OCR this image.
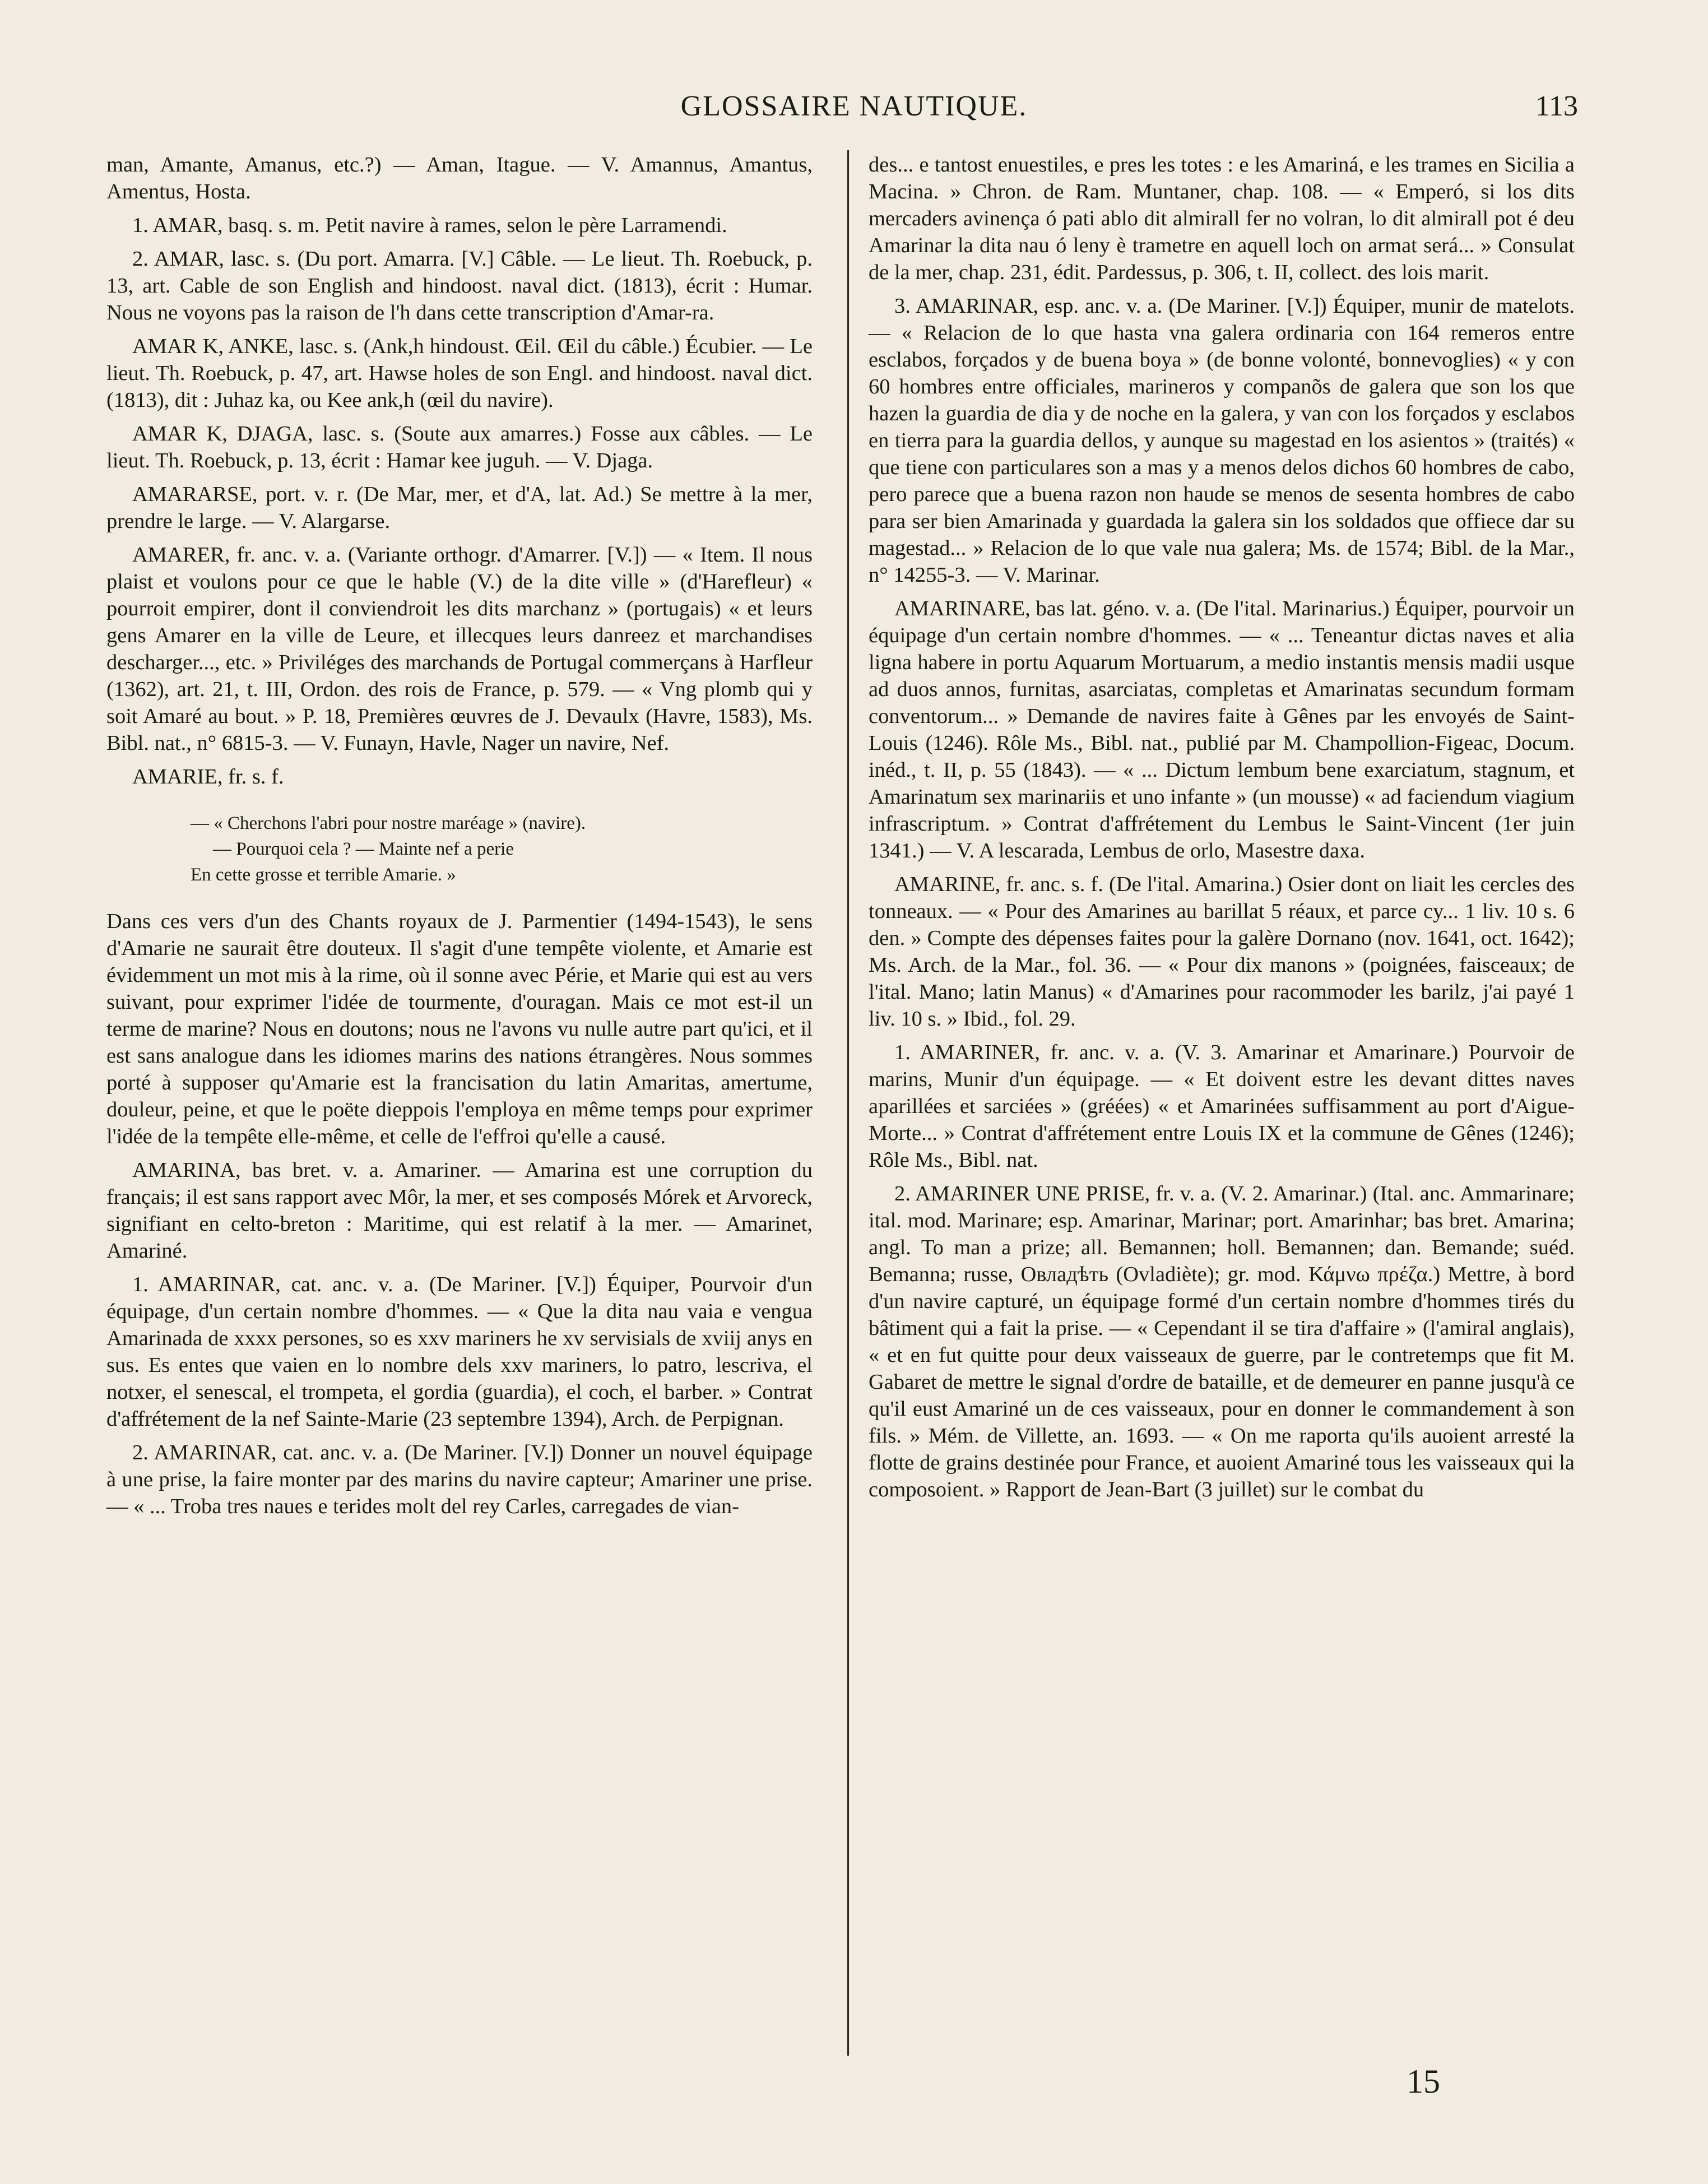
GLOSSAIRE NAUTIQUE.	113

man, Amante, Amanus, etc.?) — Aman, Itague. — V. Amannus, Amantus, Amentus, Hosta.

1. AMAR, basq. s. m. Petit navire à rames, selon le père Larramendi.

2. AMAR, lasc. s. (Du port. Amarra. [V.] Câble. — Le lieut. Th. Roebuck, p. 13, art. Cable de son English and hindoost. naval dict. (1813), écrit : Humar. Nous ne voyons pas la raison de l'h dans cette transcription d'Amar-ra.

AMAR K, ANKE, lasc. s. (Ank,h hindoust. Œil. Œil du câble.) Écubier. — Le lieut. Th. Roebuck, p. 47, art. Hawse holes de son Engl. and hindoost. naval dict. (1813), dit : Juhaz ka, ou Kee ank,h (œil du navire).

AMAR K, DJAGA, lasc. s. (Soute aux amarres.) Fosse aux câbles. — Le lieut. Th. Roebuck, p. 13, écrit : Hamar kee juguh. — V. Djaga.

AMARARSE, port. v. r. (De Mar, mer, et d'A, lat. Ad.) Se mettre à la mer, prendre le large. — V. Alargarse.

AMARER, fr. anc. v. a. (Variante orthogr. d'Amarrer. [V.]) — « Item. Il nous plaist et voulons pour ce que le hable (V.) de la dite ville » (d'Harefleur) « pourroit empirer, dont il conviendroit les dits marchanz » (portugais) « et leurs gens Amarer en la ville de Leure, et illecques leurs danreez et marchandises descharger..., etc. » Priviléges des marchands de Portugal commerçans à Harfleur (1362), art. 21, t. III, Ordon. des rois de France, p. 579. — « Vng plomb qui y soit Amaré au bout. » P. 18, Premières œuvres de J. Devaulx (Havre, 1583), Ms. Bibl. nat., n° 6815-3. — V. Funayn, Havle, Nager un navire, Nef.

AMARIE, fr. s. f.

— « Cherchons l'abri pour nostre maréage » (navire).
— Pourquoi cela ? — Mainte nef a perie
En cette grosse et terrible Amarie. »

Dans ces vers d'un des Chants royaux de J. Parmentier (1494-1543), le sens d'Amarie ne saurait être douteux. Il s'agit d'une tempête violente, et Amarie est évidemment un mot mis à la rime, où il sonne avec Périe, et Marie qui est au vers suivant, pour exprimer l'idée de tourmente, d'ouragan. Mais ce mot est-il un terme de marine? Nous en doutons; nous ne l'avons vu nulle autre part qu'ici, et il est sans analogue dans les idiomes marins des nations étrangères. Nous sommes porté à supposer qu'Amarie est la francisation du latin Amaritas, amertume, douleur, peine, et que le poëte dieppois l'employa en même temps pour exprimer l'idée de la tempête elle-même, et celle de l'effroi qu'elle a causé.

AMARINA, bas bret. v. a. Amariner. — Amarina est une corruption du français; il est sans rapport avec Môr, la mer, et ses composés Mórek et Arvoreck, signifiant en celto-breton : Maritime, qui est relatif à la mer. — Amarinet, Amariné.

1. AMARINAR, cat. anc. v. a. (De Mariner. [V.]) Équiper, Pourvoir d'un équipage, d'un certain nombre d'hommes. — « Que la dita nau vaia e vengua Amarinada de xxxx persones, so es xxv mariners he xv servisials de xviij anys en sus. Es entes que vaien en lo nombre dels xxv mariners, lo patro, lescriva, el notxer, el senescal, el trompeta, el gordia (guardia), el coch, el barber. » Contrat d'affrétement de la nef Sainte-Marie (23 septembre 1394), Arch. de Perpignan.

2. AMARINAR, cat. anc. v. a. (De Mariner. [V.]) Donner un nouvel équipage à une prise, la faire monter par des marins du navire capteur; Amariner une prise. — « ... Troba tres naues e terides molt del rey Carles, carregades de vian-

des... e tantost enuestiles, e pres les totes : e les Amariná, e les trames en Sicilia a Macina. » Chron. de Ram. Muntaner, chap. 108. — « Emperó, si los dits mercaders avinença ó pati ablo dit almirall fer no volran, lo dit almirall pot é deu Amarinar la dita nau ó leny è trametre en aquell loch on armat será... » Consulat de la mer, chap. 231, édit. Pardessus, p. 306, t. II, collect. des lois marit.

3. AMARINAR, esp. anc. v. a. (De Mariner. [V.]) Équiper, munir de matelots. — « Relacion de lo que hasta vna galera ordinaria con 164 remeros entre esclabos, forçados y de buena boya » (de bonne volonté, bonnevoglies) « y con 60 hombres entre officiales, marineros y companõs de galera que son los que hazen la guardia de dia y de noche en la galera, y van con los forçados y esclabos en tierra para la guardia dellos, y aunque su magestad en los asientos » (traités) « que tiene con particulares son a mas y a menos delos dichos 60 hombres de cabo, pero parece que a buena razon non haude se menos de sesenta hombres de cabo para ser bien Amarinada y guardada la galera sin los soldados que offiece dar su magestad... » Relacion de lo que vale nua galera; Ms. de 1574; Bibl. de la Mar., n° 14255-3. — V. Marinar.

AMARINARE, bas lat. géno. v. a. (De l'ital. Marinarius.) Équiper, pourvoir un équipage d'un certain nombre d'hommes. — « ... Teneantur dictas naves et alia ligna habere in portu Aquarum Mortuarum, a medio instantis mensis madii usque ad duos annos, furnitas, asarciatas, completas et Amarinatas secundum formam conventorum... » Demande de navires faite à Gênes par les envoyés de Saint-Louis (1246). Rôle Ms., Bibl. nat., publié par M. Champollion-Figeac, Docum. inéd., t. II, p. 55 (1843). — « ... Dictum lembum bene exarciatum, stagnum, et Amarinatum sex marinariis et uno infante » (un mousse) « ad faciendum viagium infrascriptum. » Contrat d'affrétement du Lembus le Saint-Vincent (1er juin 1341.) — V. A lescarada, Lembus de orlo, Masestre daxa.

AMARINE, fr. anc. s. f. (De l'ital. Amarina.) Osier dont on liait les cercles des tonneaux. — « Pour des Amarines au barillat 5 réaux, et parce cy... 1 liv. 10 s. 6 den. » Compte des dépenses faites pour la galère Dornano (nov. 1641, oct. 1642); Ms. Arch. de la Mar., fol. 36. — « Pour dix manons » (poignées, faisceaux; de l'ital. Mano; latin Manus) « d'Amarines pour racommoder les barilz, j'ai payé 1 liv. 10 s. » Ibid., fol. 29.

1. AMARINER, fr. anc. v. a. (V. 3. Amarinar et Amarinare.) Pourvoir de marins, Munir d'un équipage. — « Et doivent estre les devant dittes naves aparillées et sarciées » (gréées) « et Amarinées suffisamment au port d'Aigue-Morte... » Contrat d'affrétement entre Louis IX et la commune de Gênes (1246); Rôle Ms., Bibl. nat.

2. AMARINER UNE PRISE, fr. v. a. (V. 2. Amarinar.) (Ital. anc. Ammarinare; ital. mod. Marinare; esp. Amarinar, Marinar; port. Amarinhar; bas bret. Amarina; angl. To man a prize; all. Bemannen; holl. Bemannen; dan. Bemande; suéd. Bemanna; russe, Овладѣть (Ovladiète); gr. mod. Κάμνω πρέζα.) Mettre, à bord d'un navire capturé, un équipage formé d'un certain nombre d'hommes tirés du bâtiment qui a fait la prise. — « Cependant il se tira d'affaire » (l'amiral anglais), « et en fut quitte pour deux vaisseaux de guerre, par le contretemps que fit M. Gabaret de mettre le signal d'ordre de bataille, et de demeurer en panne jusqu'à ce qu'il eust Amariné un de ces vaisseaux, pour en donner le commandement à son fils. » Mém. de Villette, an. 1693. — « On me raporta qu'ils auoient arresté la flotte de grains destinée pour France, et auoient Amariné tous les vaisseaux qui la composoient. » Rapport de Jean-Bart (3 juillet) sur le combat du

15
